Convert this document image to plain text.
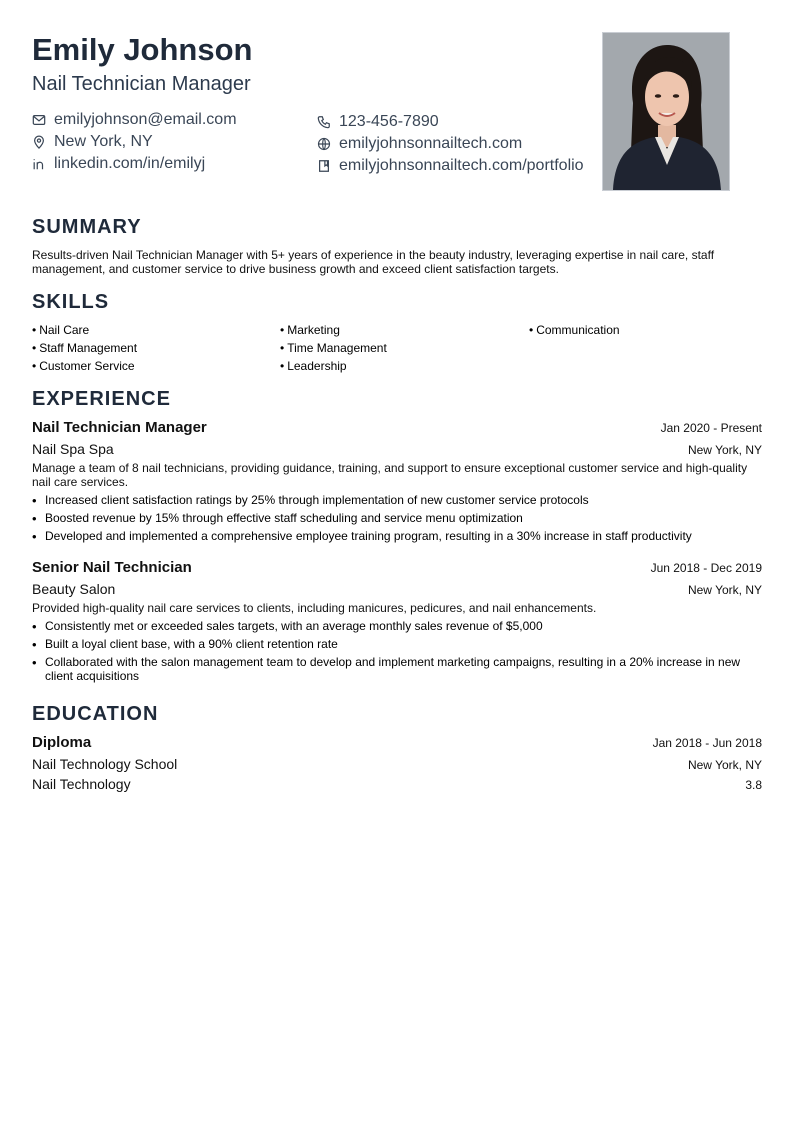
Emily Johnson
Nail Technician Manager
emilyjohnson@email.com
New York, NY
linkedin.com/in/emilyj
123-456-7890
emilyjohnsonnailtech.com
emilyjohnsonnailtech.com/portfolio
SUMMARY
Results-driven Nail Technician Manager with 5+ years of experience in the beauty industry, leveraging expertise in nail care, staff management, and customer service to drive business growth and exceed client satisfaction targets.
SKILLS
• Nail Care	• Marketing	• Communication
• Staff Management	• Time Management
• Customer Service	• Leadership
EXPERIENCE
Nail Technician Manager	Jan 2020 - Present
Nail Spa Spa	New York, NY
Manage a team of 8 nail technicians, providing guidance, training, and support to ensure exceptional customer service and high-quality nail care services.
• Increased client satisfaction ratings by 25% through implementation of new customer service protocols
• Boosted revenue by 15% through effective staff scheduling and service menu optimization
• Developed and implemented a comprehensive employee training program, resulting in a 30% increase in staff productivity
Senior Nail Technician	Jun 2018 - Dec 2019
Beauty Salon	New York, NY
Provided high-quality nail care services to clients, including manicures, pedicures, and nail enhancements.
• Consistently met or exceeded sales targets, with an average monthly sales revenue of $5,000
• Built a loyal client base, with a 90% client retention rate
• Collaborated with the salon management team to develop and implement marketing campaigns, resulting in a 20% increase in new client acquisitions
EDUCATION
Diploma	Jan 2018 - Jun 2018
Nail Technology School	New York, NY
Nail Technology	3.8
